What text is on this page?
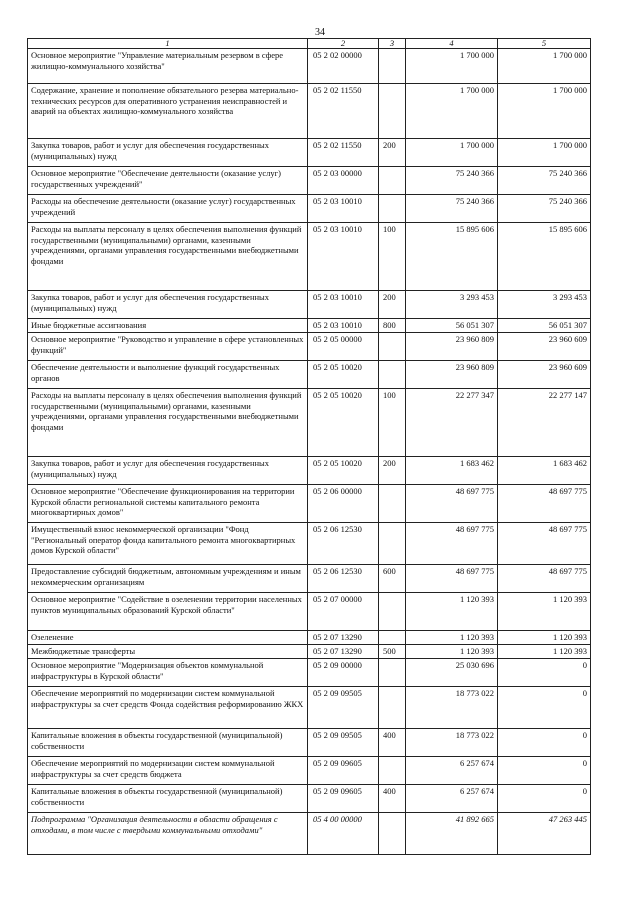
34
1	2	3	4	5
Основное мероприятие "Управление материальным резервом в сфере жилищно-коммунального хозяйства"	05 2 02 00000		1 700 000	1 700 000
Содержание, хранение и пополнение обязательного резерва материально-технических ресурсов для оперативного устранения неисправностей и аварий на объектах жилищно-коммунального хозяйства	05 2 02 11550		1 700 000	1 700 000
Закупка товаров, работ и услуг для обеспечения государственных (муниципальных) нужд	05 2 02 11550	200	1 700 000	1 700 000
Основное мероприятие "Обеспечение деятельности (оказание услуг) государственных учреждений"	05 2 03 00000		75 240 366	75 240 366
Расходы на обеспечение деятельности (оказание услуг) государственных учреждений	05 2 03 10010		75 240 366	75 240 366
Расходы на выплаты персоналу в целях обеспечения выполнения функций государственными (муниципальными) органами, казенными учреждениями, органами управления государственными внебюджетными фондами	05 2 03 10010	100	15 895 606	15 895 606
Закупка товаров, работ и услуг для обеспечения государственных (муниципальных) нужд	05 2 03 10010	200	3 293 453	3 293 453
Иные бюджетные ассигнования	05 2 03 10010	800	56 051 307	56 051 307
Основное мероприятие "Руководство и управление в сфере установленных функций"	05 2 05 00000		23 960 809	23 960 609
Обеспечение деятельности и выполнение функций государственных органов	05 2 05 10020		23 960 809	23 960 609
Расходы на выплаты персоналу в целях обеспечения выполнения функций государственными (муниципальными) органами, казенными учреждениями, органами управления государственными внебюджетными фондами	05 2 05 10020	100	22 277 347	22 277 147
Закупка товаров, работ и услуг для обеспечения государственных (муниципальных) нужд	05 2 05 10020	200	1 683 462	1 683 462
Основное мероприятие "Обеспечение функционирования на территории Курской области региональной системы капитального ремонта многоквартирных домов"	05 2 06 00000		48 697 775	48 697 775
Имущественный взнос некоммерческой организации "Фонд "Региональный оператор фонда капитального ремонта многоквартирных домов Курской области"	05 2 06 12530		48 697 775	48 697 775
Предоставление субсидий бюджетным, автономным учреждениям и иным некоммерческим организациям	05 2 06 12530	600	48 697 775	48 697 775
Основное мероприятие "Содействие в озеленении территории населенных пунктов муниципальных образований Курской области"	05 2 07 00000		1 120 393	1 120 393
Озеленение	05 2 07 13290		1 120 393	1 120 393
Межбюджетные трансферты	05 2 07 13290	500	1 120 393	1 120 393
Основное мероприятие "Модернизация объектов коммунальной инфраструктуры в Курской области"	05 2 09 00000		25 030 696	0
Обеспечение мероприятий по модернизации систем коммунальной инфраструктуры за счет средств Фонда содействия реформированию ЖКХ	05 2 09 09505		18 773 022	0
Капитальные вложения в объекты государственной (муниципальной) собственности	05 2 09 09505	400	18 773 022	0
Обеспечение мероприятий по модернизации систем коммунальной инфраструктуры за счет средств бюджета	05 2 09 09605		6 257 674	0
Капитальные вложения в объекты государственной (муниципальной) собственности	05 2 09 09605	400	6 257 674	0
Подпрограмма "Организация деятельности в области обращения с отходами, в том числе с твердыми коммунальными отходами"	05 4 00 00000		41 892 665	47 263 445
